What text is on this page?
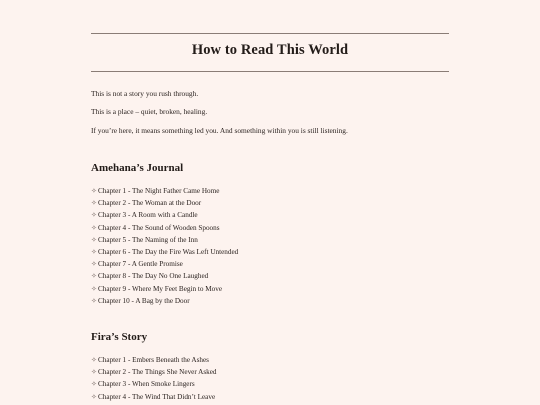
How to Read This World

This is not a story you rush through.

This is a place – quiet, broken, healing.

If you’re here, it means something led you. And something within you is still listening.

Amehana’s Journal
✧Chapter 1 - The Night Father Came Home
✧Chapter 2 - The Woman at the Door
✧Chapter 3 - A Room with a Candle
✧Chapter 4 - The Sound of Wooden Spoons
✧Chapter 5 - The Naming of the Inn
✧Chapter 6 - The Day the Fire Was Left Untended
✧Chapter 7 - A Gentle Promise
✧Chapter 8 - The Day No One Laughed
✧Chapter 9 - Where My Feet Begin to Move
✧Chapter 10 - A Bag by the Door
Fira’s Story
✧Chapter 1 - Embers Beneath the Ashes
✧Chapter 2 - The Things She Never Asked
✧Chapter 3 - When Smoke Lingers
✧Chapter 4 - The Wind That Didn’t Leave
